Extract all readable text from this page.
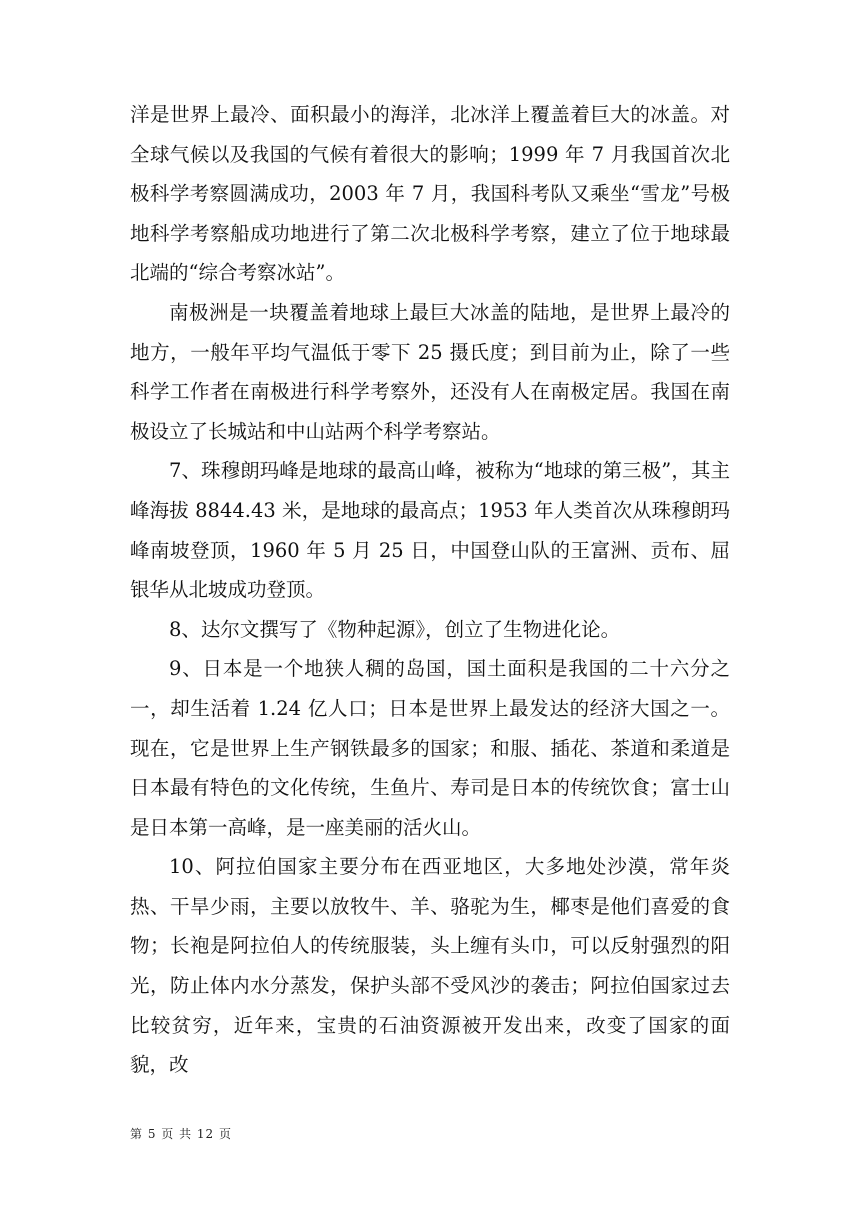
洋是世界上最冷、面积最小的海洋，北冰洋上覆盖着巨大的冰盖。对全球气候以及我国的气候有着很大的影响；1999 年 7 月我国首次北极科学考察圆满成功，2003 年 7 月，我国科考队又乘坐“雪龙”号极地科学考察船成功地进行了第二次北极科学考察，建立了位于地球最北端的“综合考察冰站”。

南极洲是一块覆盖着地球上最巨大冰盖的陆地，是世界上最冷的地方，一般年平均气温低于零下 25 摄氏度；到目前为止，除了一些科学工作者在南极进行科学考察外，还没有人在南极定居。我国在南极设立了长城站和中山站两个科学考察站。

7、珠穆朗玛峰是地球的最高山峰，被称为“地球的第三极”，其主峰海拔 8844.43 米，是地球的最高点；1953 年人类首次从珠穆朗玛峰南坡登顶，1960 年 5 月 25 日，中国登山队的王富洲、贡布、屈银华从北坡成功登顶。

8、达尔文撰写了《物种起源》，创立了生物进化论。

9、日本是一个地狭人稠的岛国，国土面积是我国的二十六分之一，却生活着 1.24 亿人口；日本是世界上最发达的经济大国之一。现在，它是世界上生产钢铁最多的国家；和服、插花、茶道和柔道是日本最有特色的文化传统，生鱼片、寿司是日本的传统饮食；富士山是日本第一高峰，是一座美丽的活火山。

10、阿拉伯国家主要分布在西亚地区，大多地处沙漠，常年炎热、干旱少雨，主要以放牧牛、羊、骆驼为生，椰枣是他们喜爱的食物；长袍是阿拉伯人的传统服装，头上缠有头巾，可以反射强烈的阳光，防止体内水分蒸发，保护头部不受风沙的袭击；阿拉伯国家过去比较贫穷，近年来，宝贵的石油资源被开发出来，改变了国家的面貌，改

第 5 页 共 12 页
